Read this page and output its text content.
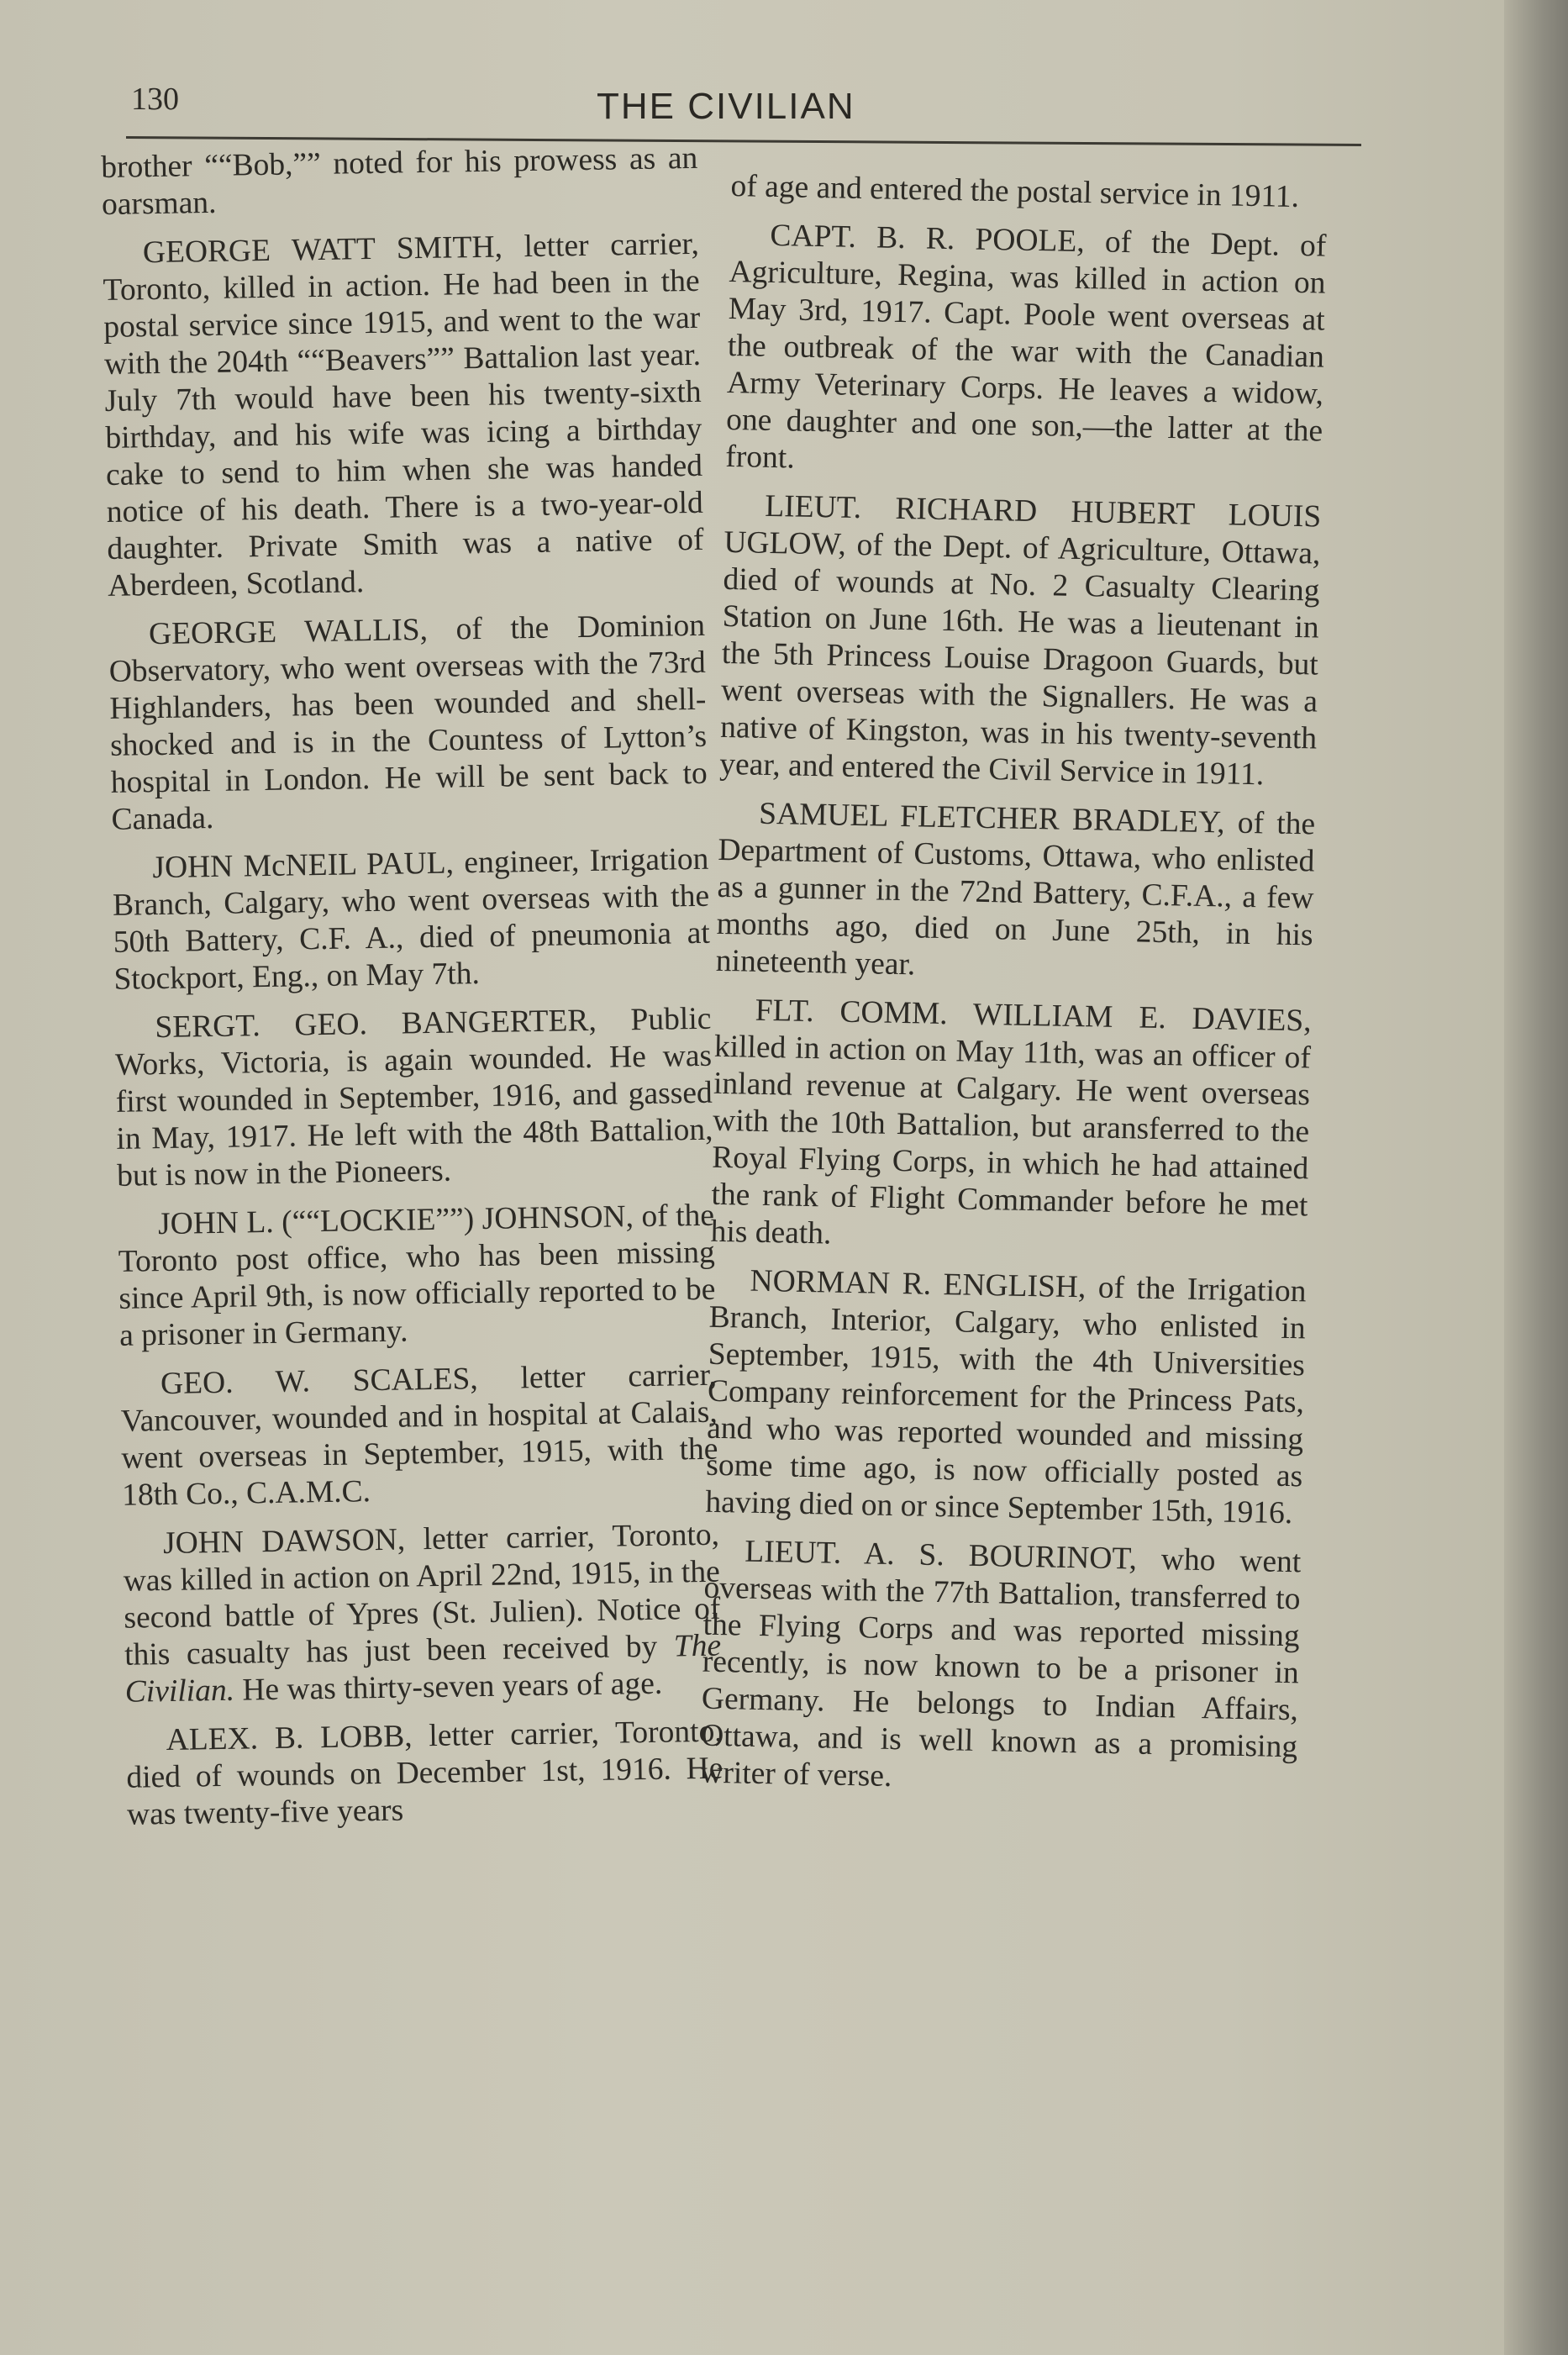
130	THE CIVILIAN

brother ““Bob,”” noted for his prowess as an oarsman.

GEORGE WATT SMITH, letter carrier, Toronto, killed in action. He had been in the postal service since 1915, and went to the war with the 204th ““Beavers”” Battalion last year. July 7th would have been his twenty-sixth birthday, and his wife was icing a birthday cake to send to him when she was handed notice of his death. There is a two-year-old daughter. Private Smith was a native of Aberdeen, Scotland.

GEORGE WALLIS, of the Dominion Observatory, who went overseas with the 73rd Highlanders, has been wounded and shell-shocked and is in the Countess of Lytton’s hospital in London. He will be sent back to Canada.

JOHN McNEIL PAUL, engineer, Irrigation Branch, Calgary, who went overseas with the 50th Battery, C.F. A., died of pneumonia at Stockport, Eng., on May 7th.

SERGT. GEO. BANGERTER, Public Works, Victoria, is again wounded. He was first wounded in September, 1916, and gassed in May, 1917. He left with the 48th Battalion, but is now in the Pioneers.

JOHN L. (““LOCKIE””) JOHNSON, of the Toronto post office, who has been missing since April 9th, is now officially reported to be a prisoner in Germany.

GEO. W. SCALES, letter carrier, Vancouver, wounded and in hospital at Calais, went overseas in September, 1915, with the 18th Co., C.A.M.C.

JOHN DAWSON, letter carrier, Toronto, was killed in action on April 22nd, 1915, in the second battle of Ypres (St. Julien). Notice of this casualty has just been received by The Civilian. He was thirty-seven years of age.

ALEX. B. LOBB, letter carrier, Toronto, died of wounds on December 1st, 1916. He was twenty-five years

of age and entered the postal service in 1911.

CAPT. B. R. POOLE, of the Dept. of Agriculture, Regina, was killed in action on May 3rd, 1917. Capt. Poole went overseas at the outbreak of the war with the Canadian Army Veterinary Corps. He leaves a widow, one daughter and one son,—the latter at the front.

LIEUT. RICHARD HUBERT LOUIS UGLOW, of the Dept. of Agriculture, Ottawa, died of wounds at No. 2 Casualty Clearing Station on June 16th. He was a lieutenant in the 5th Princess Louise Dragoon Guards, but went overseas with the Signallers. He was a native of Kingston, was in his twenty-seventh year, and entered the Civil Service in 1911.

SAMUEL FLETCHER BRADLEY, of the Department of Customs, Ottawa, who enlisted as a gunner in the 72nd Battery, C.F.A., a few months ago, died on June 25th, in his nineteenth year.

FLT. COMM. WILLIAM E. DAVIES, killed in action on May 11th, was an officer of inland revenue at Calgary. He went overseas with the 10th Battalion, but aransferred to the Royal Flying Corps, in which he had attained the rank of Flight Commander before he met his death.

NORMAN R. ENGLISH, of the Irrigation Branch, Interior, Calgary, who enlisted in September, 1915, with the 4th Universities Company reinforcement for the Princess Pats, and who was reported wounded and missing some time ago, is now officially posted as having died on or since September 15th, 1916.

LIEUT. A. S. BOURINOT, who went overseas with the 77th Battalion, transferred to the Flying Corps and was reported missing recently, is now known to be a prisoner in Germany. He belongs to Indian Affairs, Ottawa, and is well known as a promising writer of verse.
